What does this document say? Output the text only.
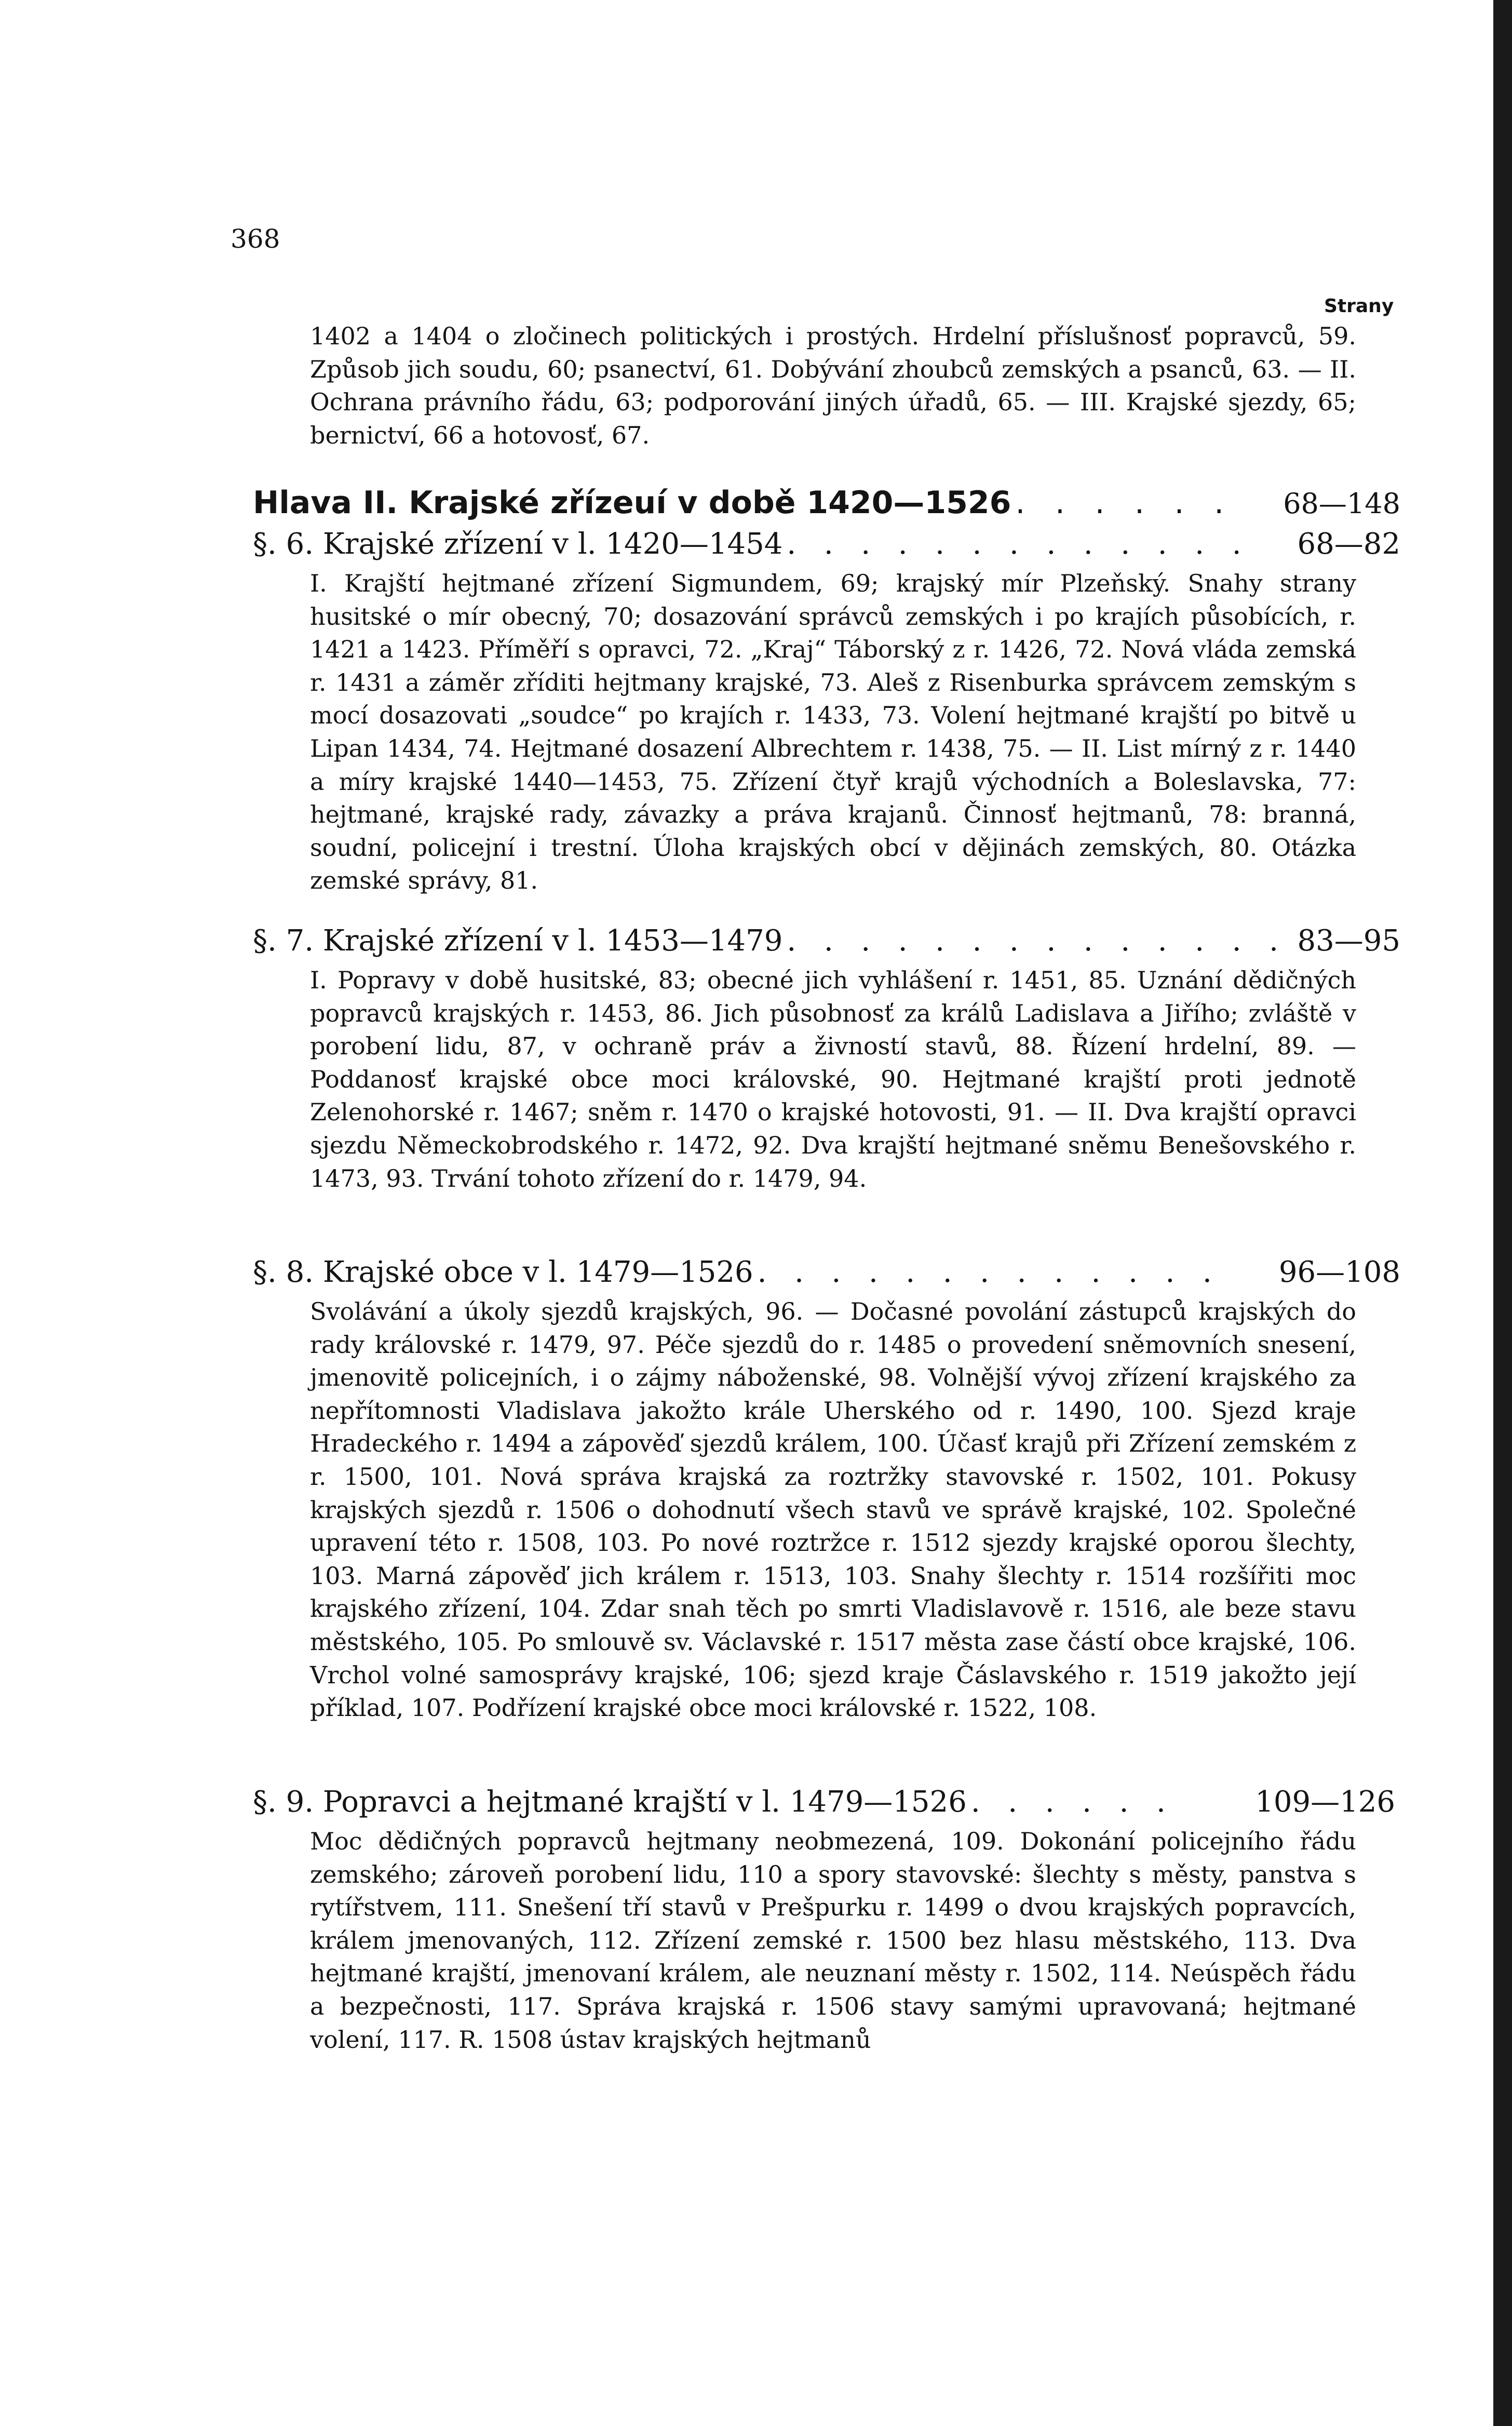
368
Strany
1402 a 1404 o zločinech politických i prostých. Hrdelní příslušnosť popravců, 59. Způsob jich soudu, 60; psanectví, 61. Dobývání zhoubců zemských a psanců, 63. — II. Ochrana právního řádu, 63; podporování jiných úřadů, 65. — III. Krajské sjezdy, 65; bernictví, 66 a hotovosť, 67.
Hlava II. Krajské zřízeuí v době 1420—1526 . . . . . .	68—148
§. 6. Krajské zřízení v l. 1420—1454 . . . . . . . . . . . . .	68—82
I. Krajští hejtmané zřízení Sigmundem, 69; krajský mír Plzeňský. Snahy strany husitské o mír obecný, 70; dosazování správců zemských i po krajích působících, r. 1421 a 1423. Příměří s opravci, 72. „Kraj“ Táborský z r. 1426, 72. Nová vláda zemská r. 1431 a záměr zříditi hejtmany krajské, 73. Aleš z Risenburka správcem zemským s mocí dosazovati „soudce“ po krajích r. 1433, 73. Volení hejtmané krajští po bitvě u Lipan 1434, 74. Hejtmané dosazení Albrechtem r. 1438, 75. — II. List mírný z r. 1440 a míry krajské 1440—1453, 75. Zřízení čtyř krajů východních a Boleslavska, 77: hejtmané, krajské rady, závazky a práva krajanů. Činnosť hejtmanů, 78: branná, soudní, policejní i trestní. Úloha krajských obcí v dějinách zemských, 80. Otázka zemské správy, 81.
§. 7. Krajské zřízení v l. 1453—1479 . . . . . . . . . . . . . . 83—95
I. Popravy v době husitské, 83; obecné jich vyhlášení r. 1451, 85. Uznání dědičných popravců krajských r. 1453, 86. Jich působnosť za králů Ladislava a Jiřího; zvláště v porobení lidu, 87, v ochraně práv a živností stavů, 88. Řízení hrdelní, 89. — Poddanosť krajské obce moci královské, 90. Hejtmané krajští proti jednotě Zelenohorské r. 1467; sněm r. 1470 o krajské hotovosti, 91. — II. Dva krajští opravci sjezdu Německobrodského r. 1472, 92. Dva krajští hejtmané sněmu Benešovského r. 1473, 93. Trvání tohoto zřízení do r. 1479, 94.
§. 8. Krajské obce v l. 1479—1526 . . . . . . . . . . . . .	96—108
Svolávání a úkoly sjezdů krajských, 96. — Dočasné povolání zástupců krajských do rady královské r. 1479, 97. Péče sjezdů do r. 1485 o provedení sněmovních snesení, jmenovitě policejních, i o zájmy náboženské, 98. Volnější vývoj zřízení krajského za nepřítomnosti Vladislava jakožto krále Uherského od r. 1490, 100. Sjezd kraje Hradeckého r. 1494 a zápověď sjezdů králem, 100. Účasť krajů při Zřízení zemském z r. 1500, 101. Nová správa krajská za roztržky stavovské r. 1502, 101. Pokusy krajských sjezdů r. 1506 o dohodnutí všech stavů ve správě krajské, 102. Společné upravení této r. 1508, 103. Po nové roztržce r. 1512 sjezdy krajské oporou šlechty, 103. Marná zápověď jich králem r. 1513, 103. Snahy šlechty r. 1514 rozšířiti moc krajského zřízení, 104. Zdar snah těch po smrti Vladislavově r. 1516, ale beze stavu městského, 105. Po smlouvě sv. Václavské r. 1517 města zase částí obce krajské, 106. Vrchol volné samosprávy krajské, 106; sjezd kraje Čáslavského r. 1519 jakožto její příklad, 107. Podřízení krajské obce moci královské r. 1522, 108.
§. 9. Popravci a hejtmané krajští v l. 1479—1526 . . . . . .	109—126
Moc dědičných popravců hejtmany neobmezená, 109. Dokonání policejního řádu zemského; zároveň porobení lidu, 110 a spory stavovské: šlechty s městy, panstva s rytířstvem, 111. Snešení tří stavů v Prešpurku r. 1499 o dvou krajských popravcích, králem jmenovaných, 112. Zřízení zemské r. 1500 bez hlasu městského, 113. Dva hejtmané krajští, jmenovaní králem, ale neuznaní městy r. 1502, 114. Neúspěch řádu a bezpečnosti, 117. Správa krajská r. 1506 stavy samými upravovaná; hejtmané volení, 117. R. 1508 ústav krajských hejtmanů
